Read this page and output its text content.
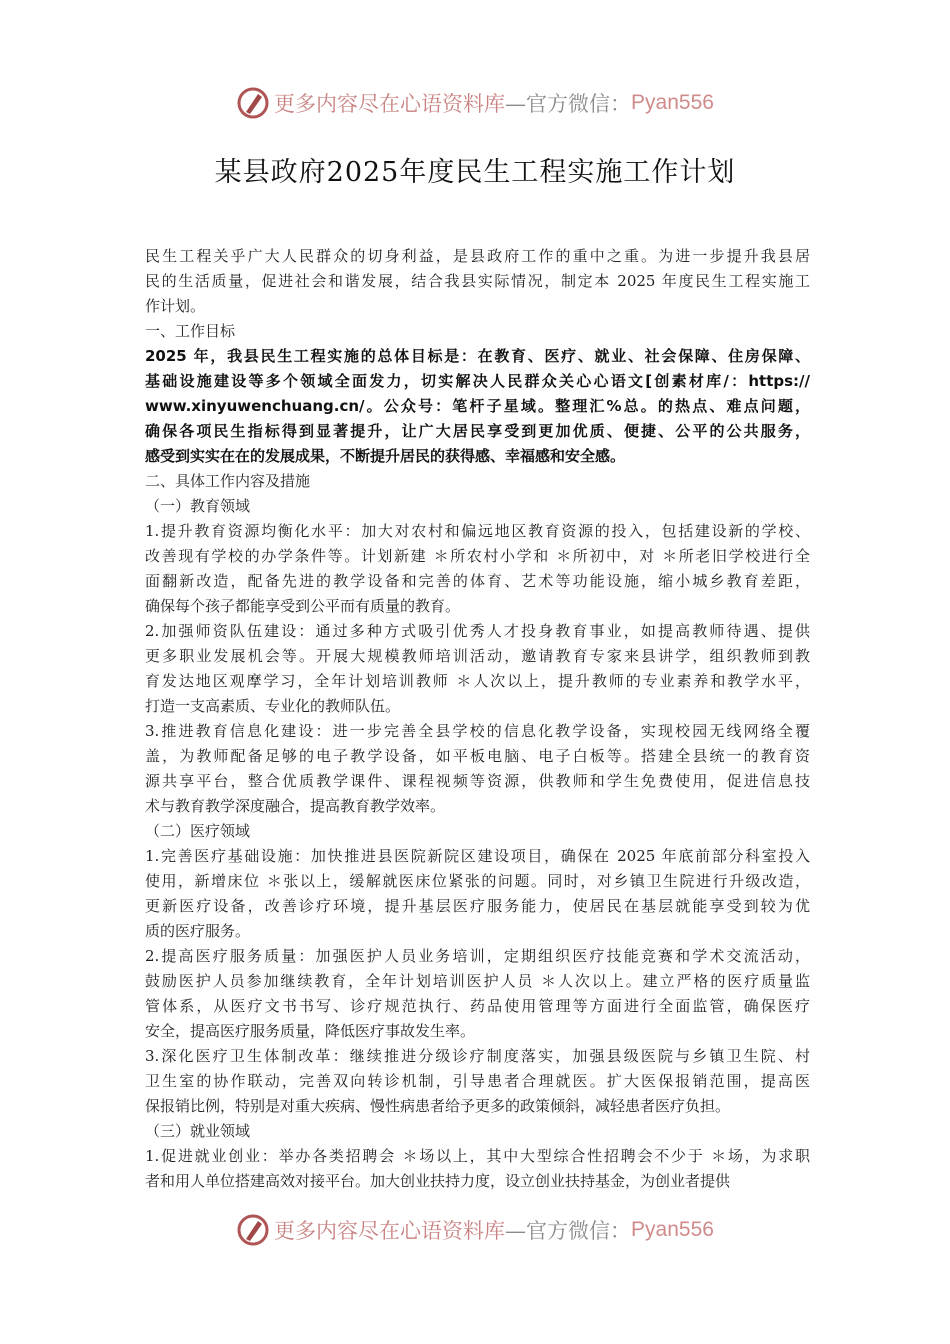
更多内容尽在心语资料库 —官方微信： Pyan556
某县政府2025年度民生工程实施工作计划
民生工程关乎广大人民群众的切身利益，是县政府工作的重中之重。为进一步提升我县居
民的生活质量，促进社会和谐发展，结合我县实际情况，制定本 2025 年度民生工程实施工
作计划。
一、工作目标
2025 年，我县民生工程实施的总体目标是：在教育、医疗、就业、社会保障、住房保障、
基础设施建设等多个领域全面发力，切实解决人民群众关心心语文[创素材库/：https://
www.xinyuwenchuang.cn/。公众号：笔杆子星域。整理汇%总。的热点、难点问题，
确保各项民生指标得到显著提升，让广大居民享受到更加优质、便捷、公平的公共服务，
感受到实实在在的发展成果，不断提升居民的获得感、幸福感和安全感。
二、具体工作内容及措施
（一）教育领域
1.提升教育资源均衡化水平：加大对农村和偏远地区教育资源的投入，包括建设新的学校、
改善现有学校的办学条件等。计划新建 ＊所农村小学和 ＊所初中，对 ＊所老旧学校进行全
面翻新改造，配备先进的教学设备和完善的体育、艺术等功能设施，缩小城乡教育差距，
确保每个孩子都能享受到公平而有质量的教育。
2.加强师资队伍建设：通过多种方式吸引优秀人才投身教育事业，如提高教师待遇、提供
更多职业发展机会等。开展大规模教师培训活动，邀请教育专家来县讲学，组织教师到教
育发达地区观摩学习，全年计划培训教师 ＊人次以上，提升教师的专业素养和教学水平，
打造一支高素质、专业化的教师队伍。
3.推进教育信息化建设：进一步完善全县学校的信息化教学设备，实现校园无线网络全覆
盖，为教师配备足够的电子教学设备，如平板电脑、电子白板等。搭建全县统一的教育资
源共享平台，整合优质教学课件、课程视频等资源，供教师和学生免费使用，促进信息技
术与教育教学深度融合，提高教育教学效率。
（二）医疗领域
1.完善医疗基础设施：加快推进县医院新院区建设项目，确保在 2025 年底前部分科室投入
使用，新增床位 ＊张以上，缓解就医床位紧张的问题。同时，对乡镇卫生院进行升级改造，
更新医疗设备，改善诊疗环境，提升基层医疗服务能力，使居民在基层就能享受到较为优
质的医疗服务。
2.提高医疗服务质量：加强医护人员业务培训，定期组织医疗技能竞赛和学术交流活动，
鼓励医护人员参加继续教育，全年计划培训医护人员 ＊人次以上。建立严格的医疗质量监
管体系，从医疗文书书写、诊疗规范执行、药品使用管理等方面进行全面监管，确保医疗
安全，提高医疗服务质量，降低医疗事故发生率。
3.深化医疗卫生体制改革：继续推进分级诊疗制度落实，加强县级医院与乡镇卫生院、村
卫生室的协作联动，完善双向转诊机制，引导患者合理就医。扩大医保报销范围，提高医
保报销比例，特别是对重大疾病、慢性病患者给予更多的政策倾斜，减轻患者医疗负担。
（三）就业领域
1.促进就业创业：举办各类招聘会 ＊场以上，其中大型综合性招聘会不少于 ＊场，为求职
者和用人单位搭建高效对接平台。加大创业扶持力度，设立创业扶持基金，为创业者提供
更多内容尽在心语资料库 —官方微信： Pyan556
